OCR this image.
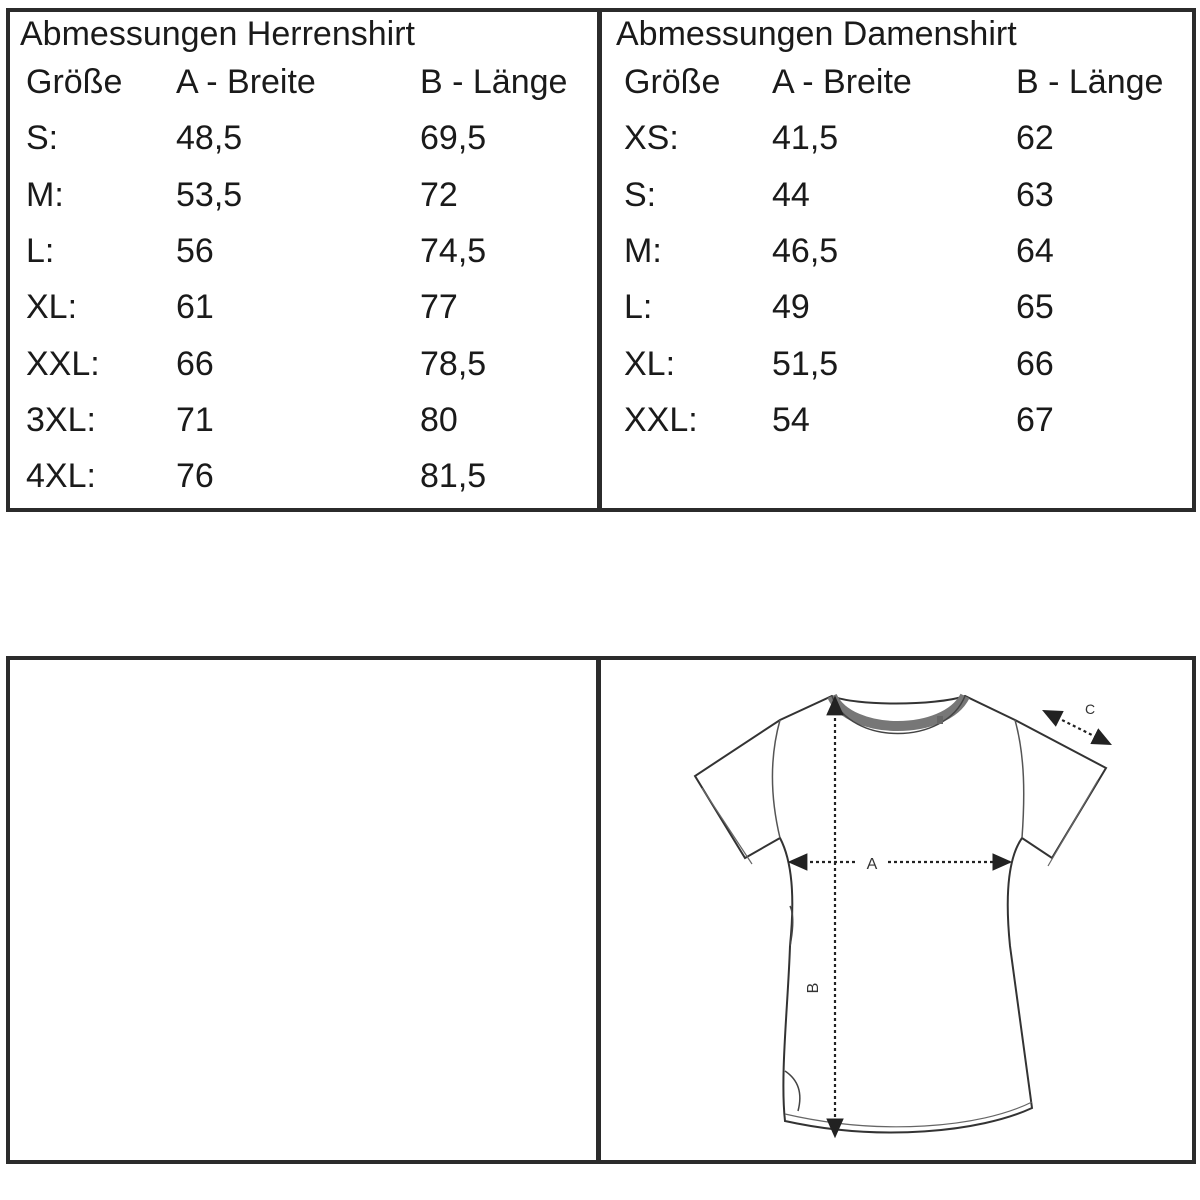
Abmessungen Herrenshirt
Größe A - Breite	B - Länge
S:	48,5	69,5
M:	53,5	72
L:	56	74,5
XL:	61	77
XXL: 66	78,5
3XL: 71	80
4XL: 76	81,5
Abmessungen Damenshirt
Größe A - Breite	B - Länge
XS:	41,5	62
S:	44	63
M:	46,5	64
L:	49	65
XL:	51,5	66
XXL: 54	67
A
B
C
